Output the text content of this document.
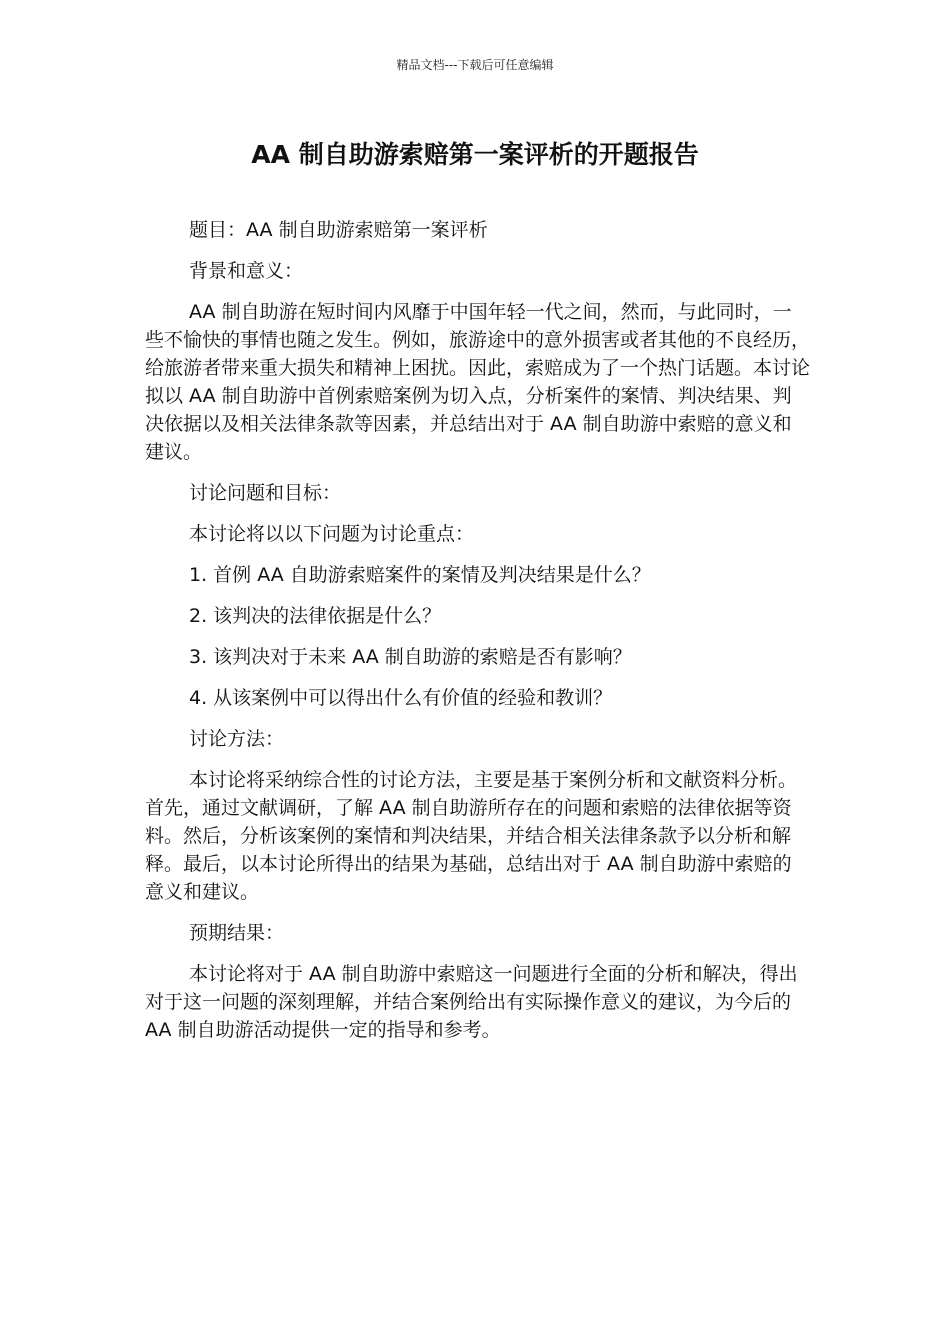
精品文档---下载后可任意编辑
AA 制自助游索赔第一案评析的开题报告

题目：AA 制自助游索赔第一案评析

背景和意义：

AA 制自助游在短时间内风靡于中国年轻一代之间，然而，与此同时，一些不愉快的事情也随之发生。例如，旅游途中的意外损害或者其他的不良经历，给旅游者带来重大损失和精神上困扰。因此，索赔成为了一个热门话题。本讨论拟以 AA 制自助游中首例索赔案例为切入点，分析案件的案情、判决结果、判决依据以及相关法律条款等因素，并总结出对于 AA 制自助游中索赔的意义和建议。

讨论问题和目标：

本讨论将以以下问题为讨论重点：

1. 首例 AA 自助游索赔案件的案情及判决结果是什么？

2. 该判决的法律依据是什么？

3. 该判决对于未来 AA 制自助游的索赔是否有影响？

4. 从该案例中可以得出什么有价值的经验和教训？

讨论方法：

本讨论将采纳综合性的讨论方法，主要是基于案例分析和文献资料分析。首先，通过文献调研，了解 AA 制自助游所存在的问题和索赔的法律依据等资料。然后，分析该案例的案情和判决结果，并结合相关法律条款予以分析和解释。最后，以本讨论所得出的结果为基础，总结出对于 AA 制自助游中索赔的意义和建议。

预期结果：

本讨论将对于 AA 制自助游中索赔这一问题进行全面的分析和解决，得出对于这一问题的深刻理解，并结合案例给出有实际操作意义的建议，为今后的 AA 制自助游活动提供一定的指导和参考。
